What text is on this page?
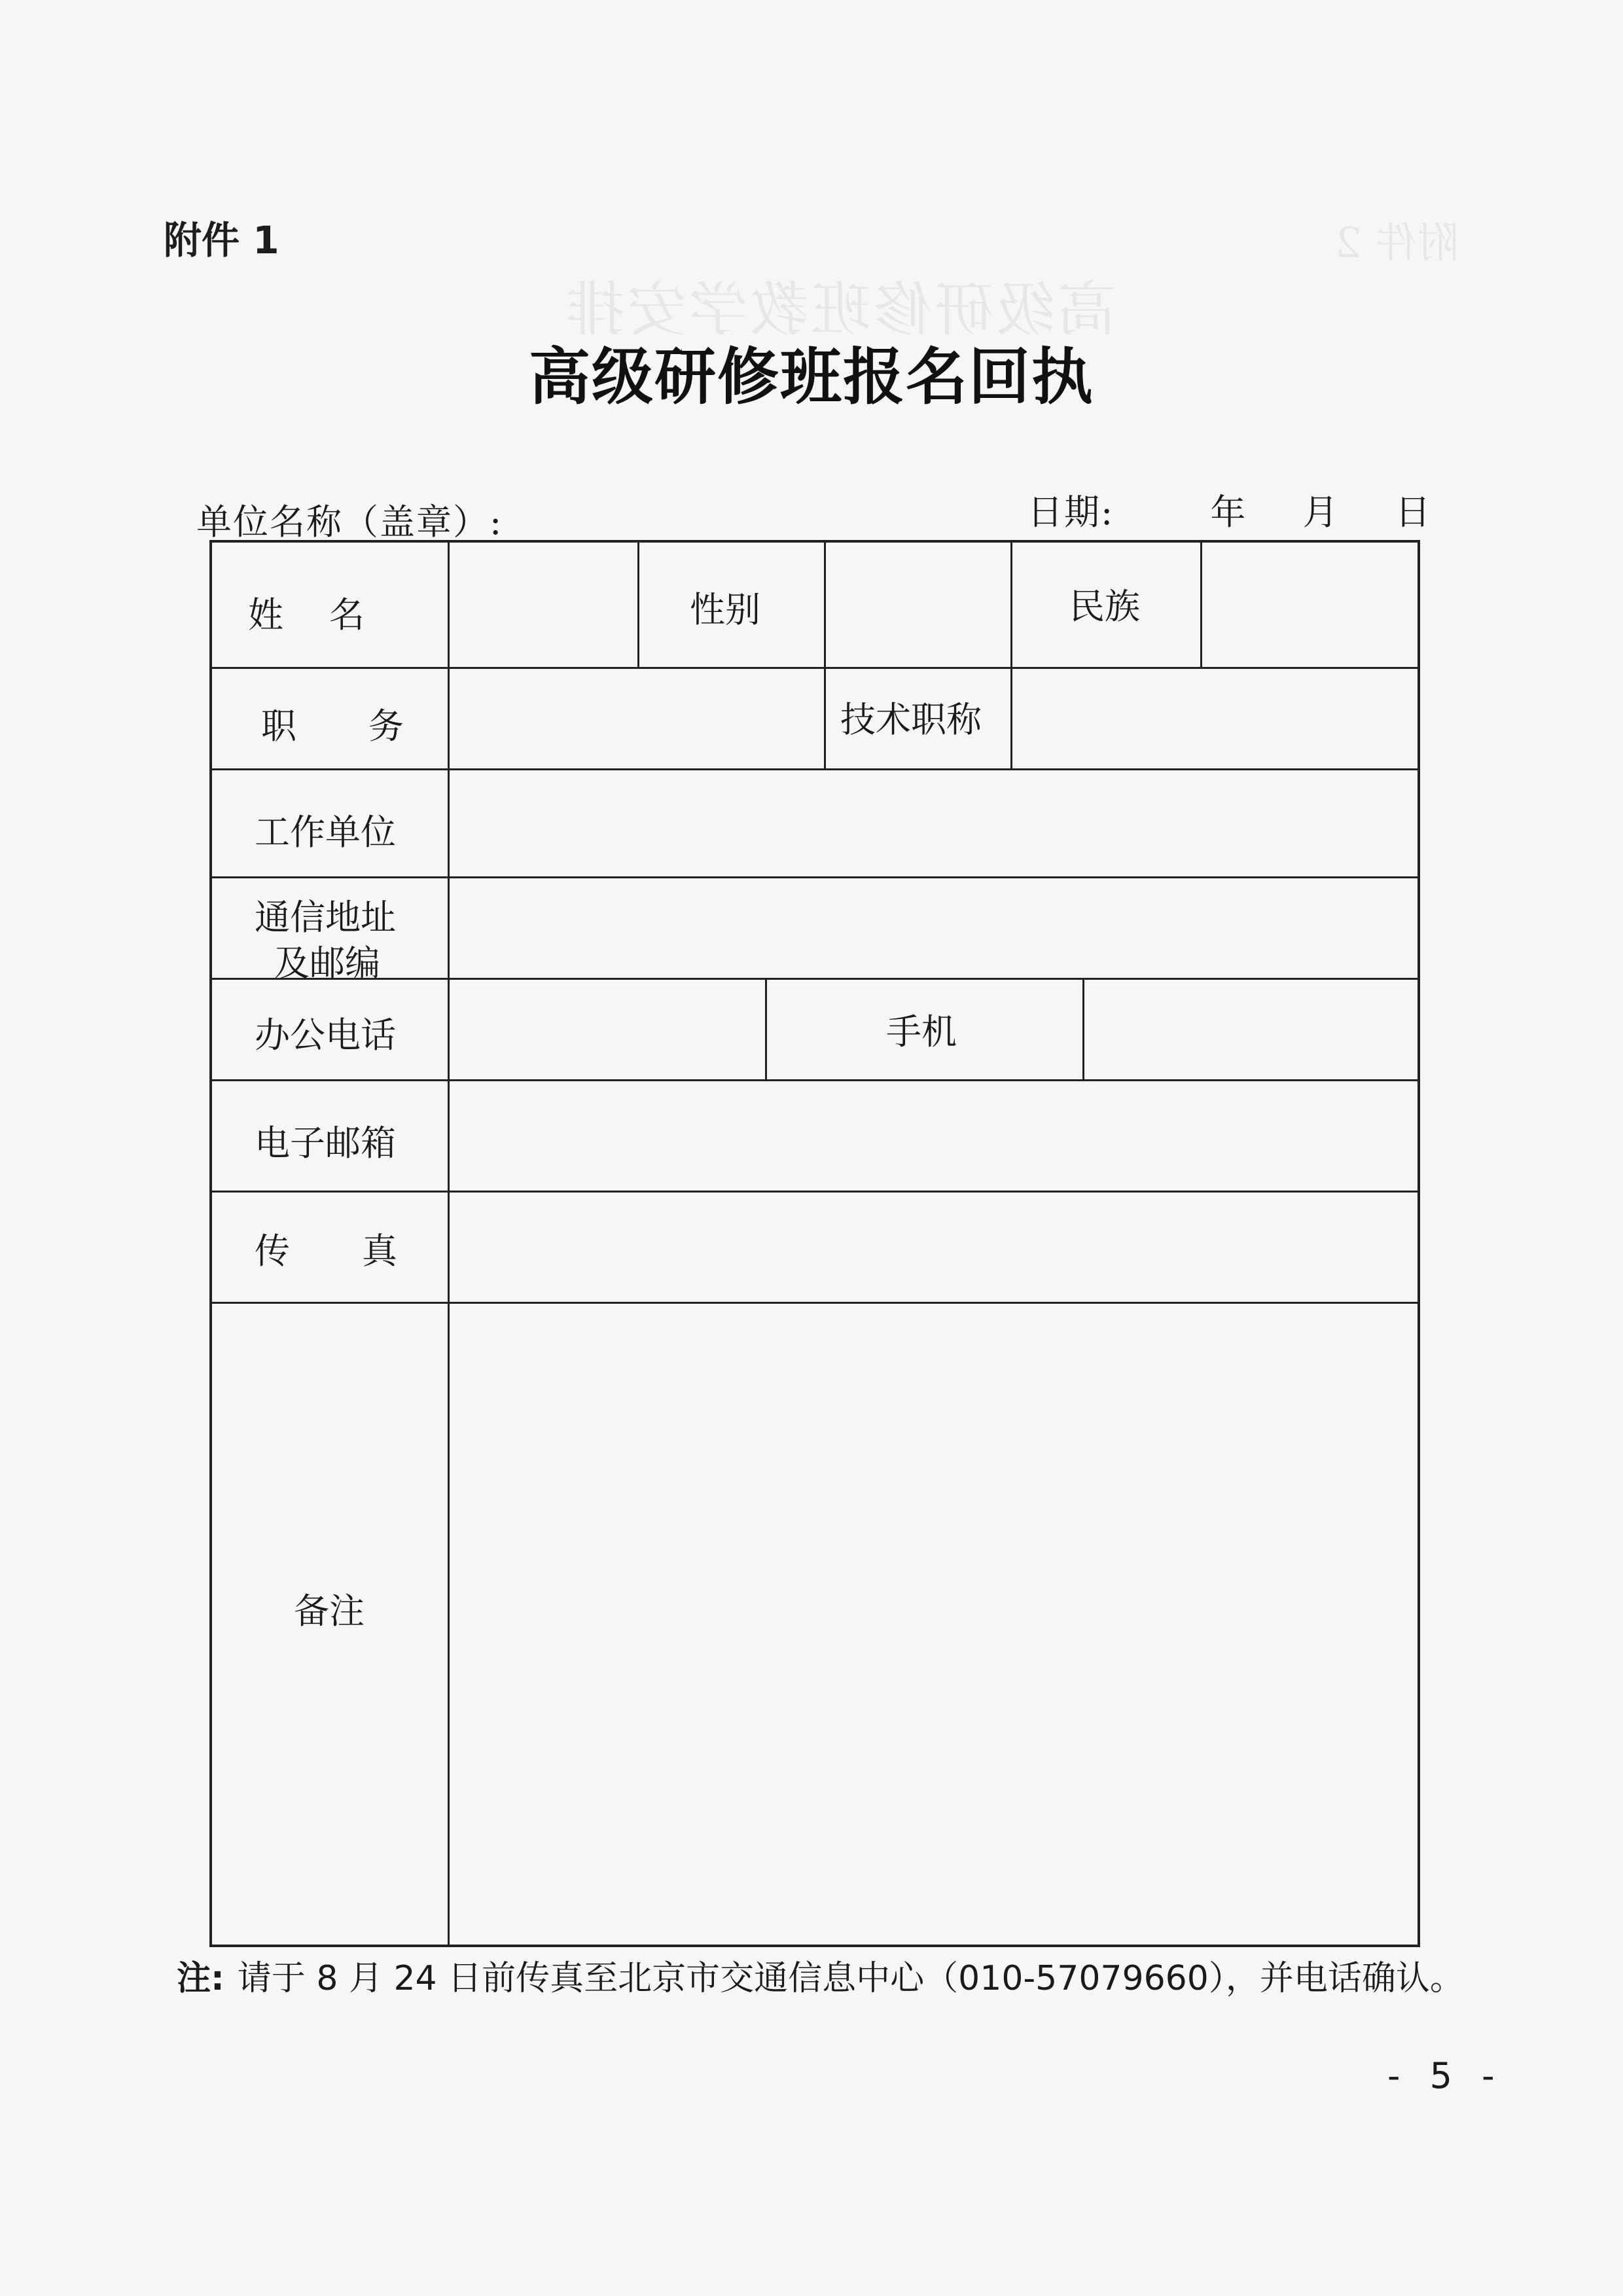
附件 2
高级研修班教学安排
附件 1
高级研修班报名回执
单位名称（盖章）:	日期:	年 月 日
姓名	性别	民族
职务	技术职称
工作单位
通信地址
及邮编
办公电话	手机
电子邮箱
传真
备注
注: 请于 8 月 24 日前传真至北京市交通信息中心（010-57079660），并电话确认。
- 5 -
